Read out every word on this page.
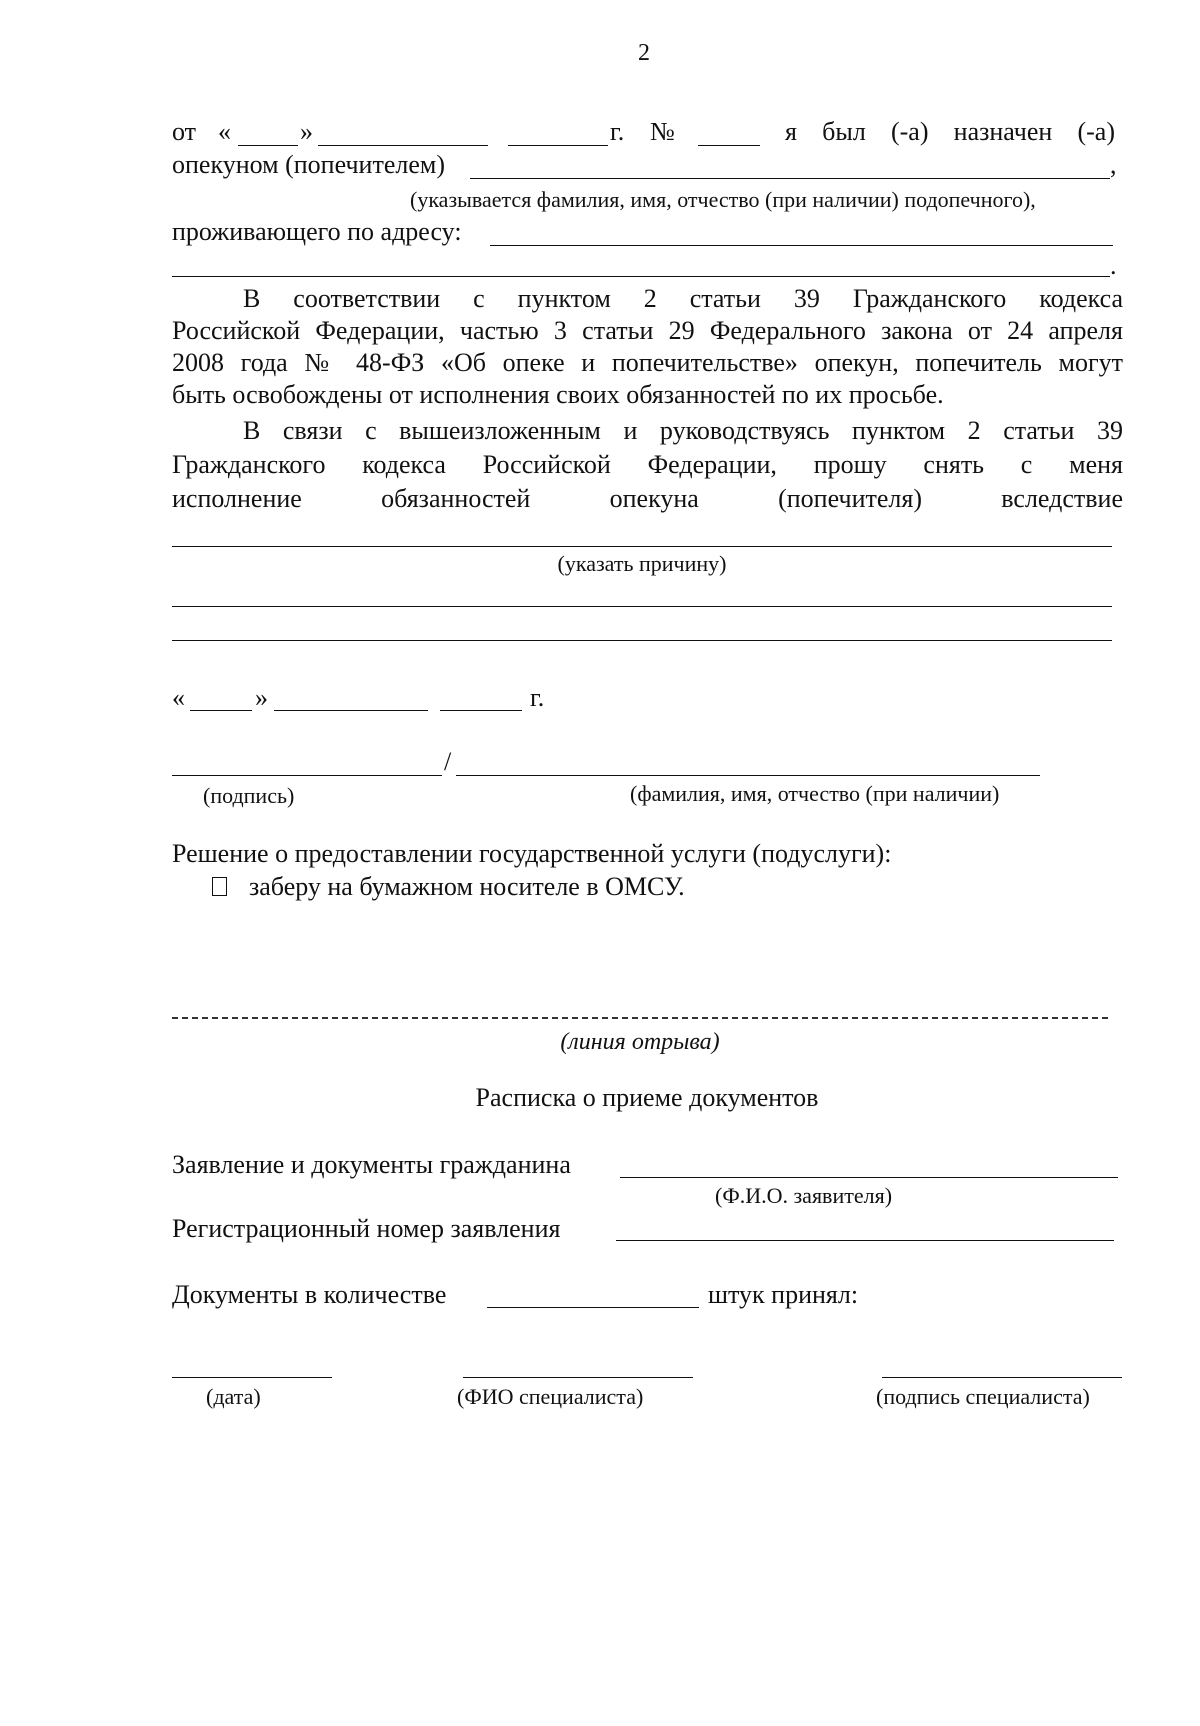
2
от «	»	г. №	я был (-а) назначен (-а)
опекуном (попечителем)	,
(указывается фамилия, имя, отчество (при наличии) подопечного),
проживающего по адресу:
.
В соответствии с пунктом 2 статьи 39 Гражданского кодекса
Российской Федерации, частью 3 статьи 29 Федерального закона от 24 апреля
2008 года № 48-ФЗ «Об опеке и попечительстве» опекун, попечитель могут
быть освобождены от исполнения своих обязанностей по их просьбе.
В связи с вышеизложенным и руководствуясь пунктом 2 статьи 39
Гражданского кодекса Российской Федерации, прошу снять с меня
исполнение обязанностей опекуна (попечителя) вследствие
(указать причину)
«	»	г.
/
(подпись)	(фамилия, имя, отчество (при наличии)
Решение о предоставлении государственной услуги (подуслуги):
заберу на бумажном носителе в ОМСУ.
(линия отрыва)
Расписка о приеме документов
Заявление и документы гражданина
(Ф.И.О. заявителя)
Регистрационный номер заявления
Документы в количестве	штук принял:
(дата)	(ФИО специалиста)	(подпись специалиста)
